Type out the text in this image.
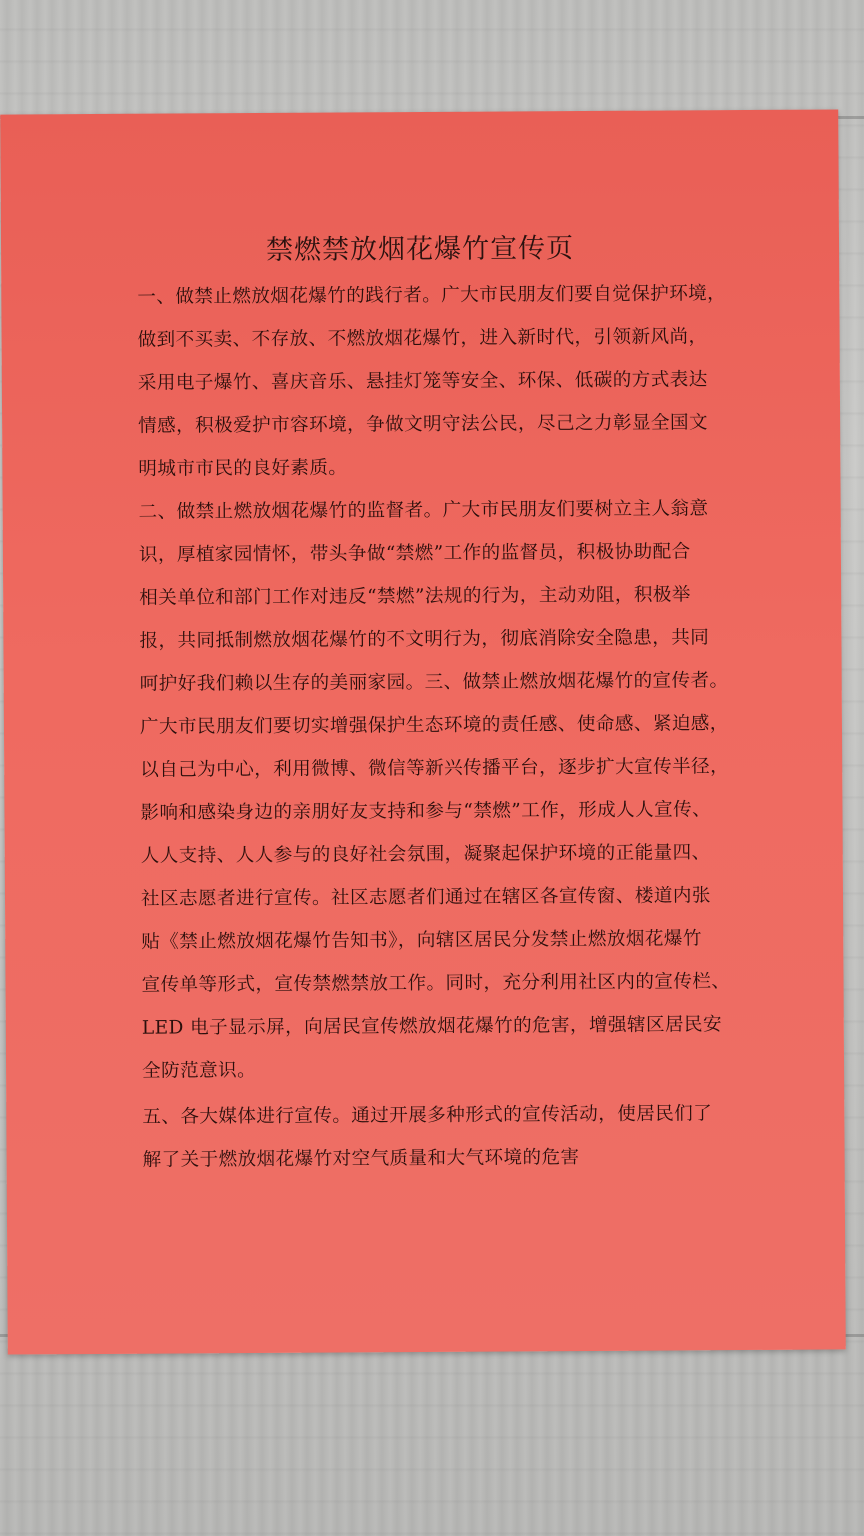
禁燃禁放烟花爆竹宣传页
一、做禁止燃放烟花爆竹的践行者。广大市民朋友们要自觉保护环境，
做到不买卖、不存放、不燃放烟花爆竹，进入新时代，引领新风尚，
采用电子爆竹、喜庆音乐、悬挂灯笼等安全、环保、低碳的方式表达
情感，积极爱护市容环境，争做文明守法公民，尽己之力彰显全国文
明城市市民的良好素质。
二、做禁止燃放烟花爆竹的监督者。广大市民朋友们要树立主人翁意
识，厚植家园情怀，带头争做“禁燃”工作的监督员，积极协助配合
相关单位和部门工作对违反“禁燃”法规的行为，主动劝阻，积极举
报，共同抵制燃放烟花爆竹的不文明行为，彻底消除安全隐患，共同
呵护好我们赖以生存的美丽家园。三、做禁止燃放烟花爆竹的宣传者。
广大市民朋友们要切实增强保护生态环境的责任感、使命感、紧迫感，
以自己为中心，利用微博、微信等新兴传播平台，逐步扩大宣传半径，
影响和感染身边的亲朋好友支持和参与“禁燃”工作，形成人人宣传、
人人支持、人人参与的良好社会氛围，凝聚起保护环境的正能量四、
社区志愿者进行宣传。社区志愿者们通过在辖区各宣传窗、楼道内张
贴《禁止燃放烟花爆竹告知书》，向辖区居民分发禁止燃放烟花爆竹
宣传单等形式，宣传禁燃禁放工作。同时，充分利用社区内的宣传栏、
LED 电子显示屏，向居民宣传燃放烟花爆竹的危害，增强辖区居民安
全防范意识。
五、各大媒体进行宣传。通过开展多种形式的宣传活动，使居民们了
解了关于燃放烟花爆竹对空气质量和大气环境的危害
